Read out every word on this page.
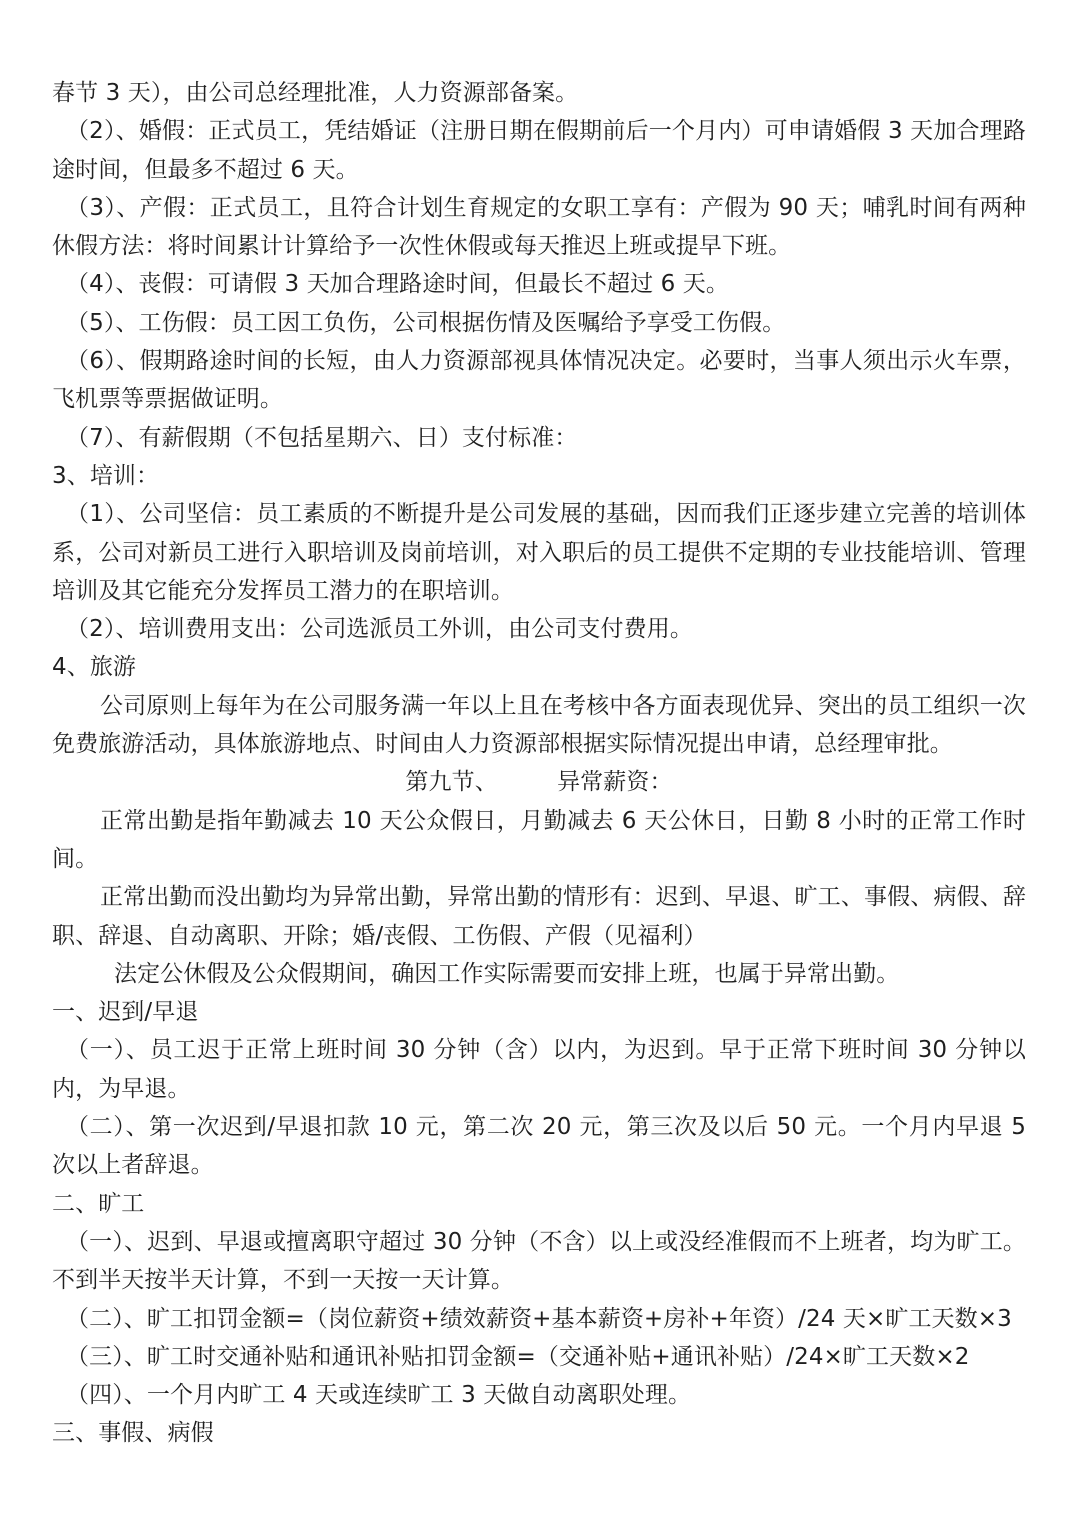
春节 3 天），由公司总经理批准，人力资源部备案。

（2）、婚假：正式员工，凭结婚证（注册日期在假期前后一个月内）可申请婚假 3 天加合理路途时间，但最多不超过 6 天。

（3）、产假：正式员工，且符合计划生育规定的女职工享有：产假为 90 天；哺乳时间有两种休假方法：将时间累计计算给予一次性休假或每天推迟上班或提早下班。

（4）、丧假：可请假 3 天加合理路途时间，但最长不超过 6 天。

（5）、工伤假：员工因工负伤，公司根据伤情及医嘱给予享受工伤假。

（6）、假期路途时间的长短，由人力资源部视具体情况决定。必要时，当事人须出示火车票，飞机票等票据做证明。

（7）、有薪假期（不包括星期六、日）支付标准：

3、培训：

（1）、公司坚信：员工素质的不断提升是公司发展的基础，因而我们正逐步建立完善的培训体系，公司对新员工进行入职培训及岗前培训，对入职后的员工提供不定期的专业技能培训、管理培训及其它能充分发挥员工潜力的在职培训。

（2）、培训费用支出：公司选派员工外训，由公司支付费用。

4、旅游

公司原则上每年为在公司服务满一年以上且在考核中各方面表现优异、突出的员工组织一次免费旅游活动，具体旅游地点、时间由人力资源部根据实际情况提出申请，总经理审批。

第九节、        异常薪资：

正常出勤是指年勤减去 10 天公众假日，月勤减去 6 天公休日，日勤 8 小时的正常工作时间。

正常出勤而没出勤均为异常出勤，异常出勤的情形有：迟到、早退、旷工、事假、病假、辞职、辞退、自动离职、开除；婚/丧假、工伤假、产假（见福利）

法定公休假及公众假期间，确因工作实际需要而安排上班，也属于异常出勤。

一、迟到/早退

（一）、员工迟于正常上班时间 30 分钟（含）以内，为迟到。早于正常下班时间 30 分钟以内，为早退。

（二）、第一次迟到/早退扣款 10 元，第二次 20 元，第三次及以后 50 元。一个月内早退 5 次以上者辞退。

二、旷工

（一）、迟到、早退或擅离职守超过 30 分钟（不含）以上或没经准假而不上班者，均为旷工。不到半天按半天计算，不到一天按一天计算。

（二）、旷工扣罚金额=（岗位薪资+绩效薪资+基本薪资+房补+年资）/24 天×旷工天数×3

（三）、旷工时交通补贴和通讯补贴扣罚金额=（交通补贴+通讯补贴）/24×旷工天数×2

（四）、一个月内旷工 4 天或连续旷工 3 天做自动离职处理。

三、事假、病假
